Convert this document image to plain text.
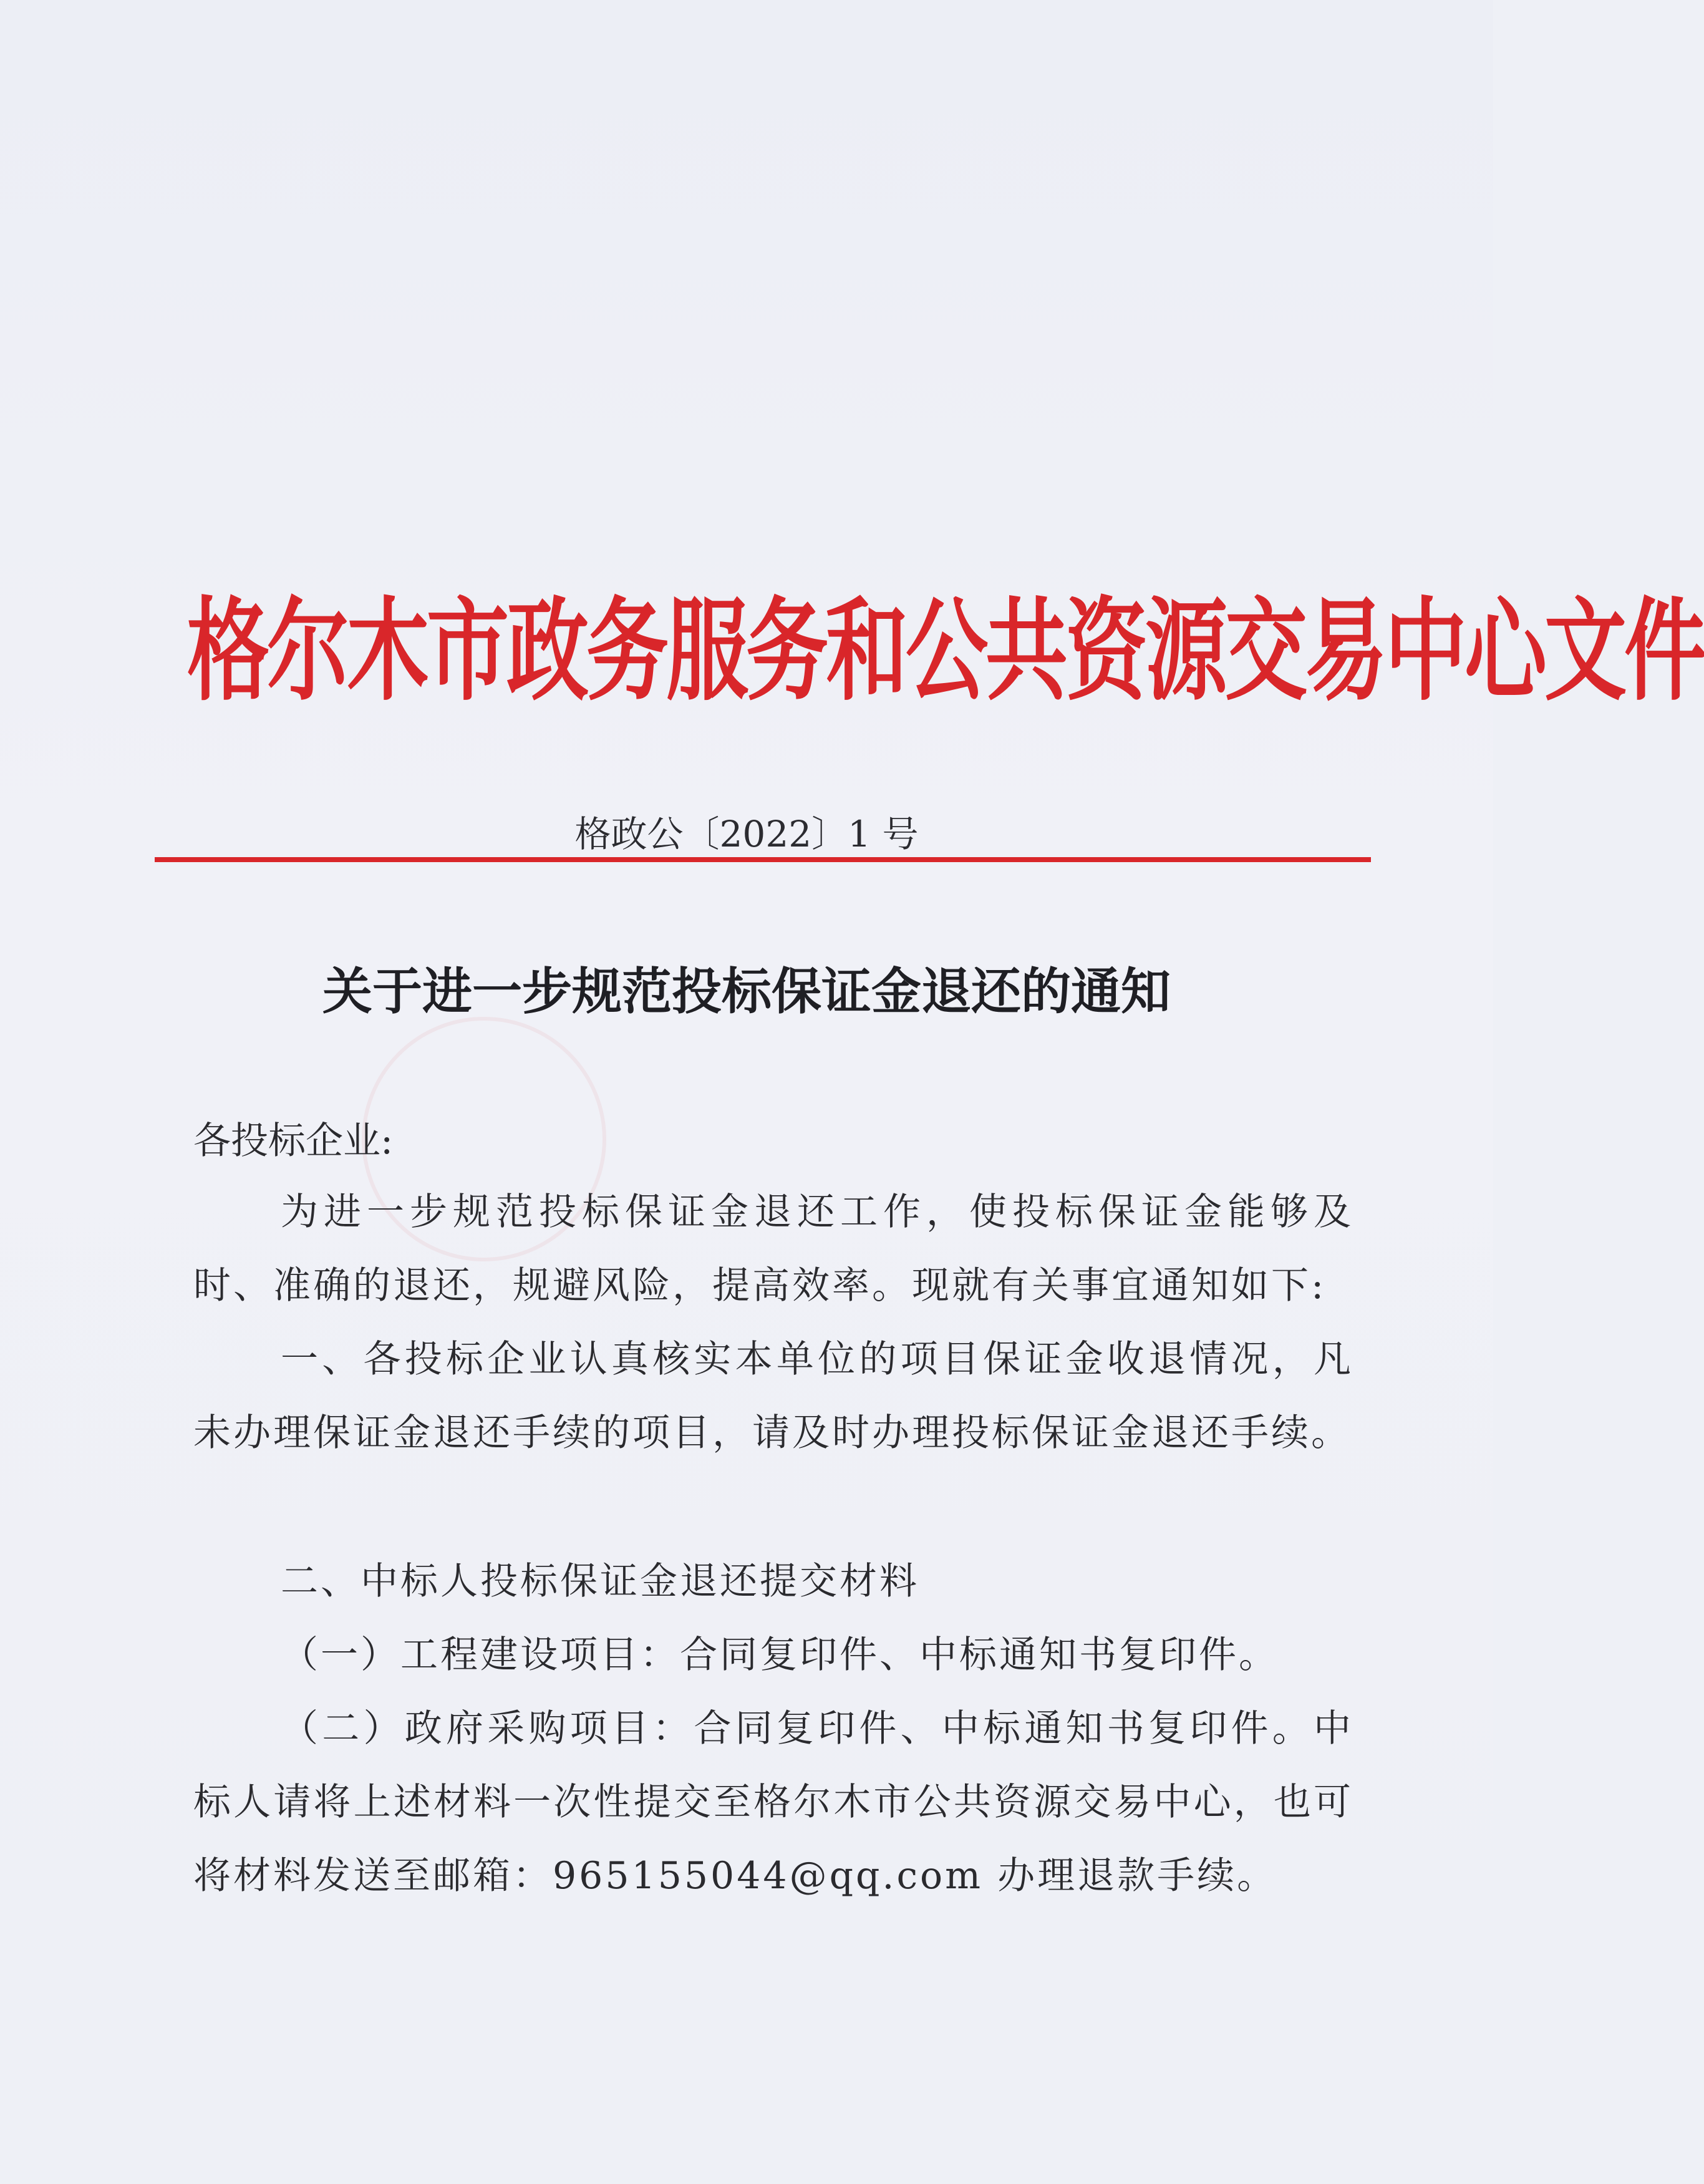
格尔木市政务服务和公共资源交易中心文件
格政公〔2022〕1 号
关于进一步规范投标保证金退还的通知
各投标企业:
为进一步规范投标保证金退还工作，使投标保证金能够及时、准确的退还，规避风险，提高效率。现就有关事宜通知如下:
一、各投标企业认真核实本单位的项目保证金收退情况，凡未办理保证金退还手续的项目，请及时办理投标保证金退还手续。
二、中标人投标保证金退还提交材料
（一）工程建设项目：合同复印件、中标通知书复印件。
（二）政府采购项目：合同复印件、中标通知书复印件。中标人请将上述材料一次性提交至格尔木市公共资源交易中心，也可将材料发送至邮箱：965155044@qq.com 办理退款手续。
